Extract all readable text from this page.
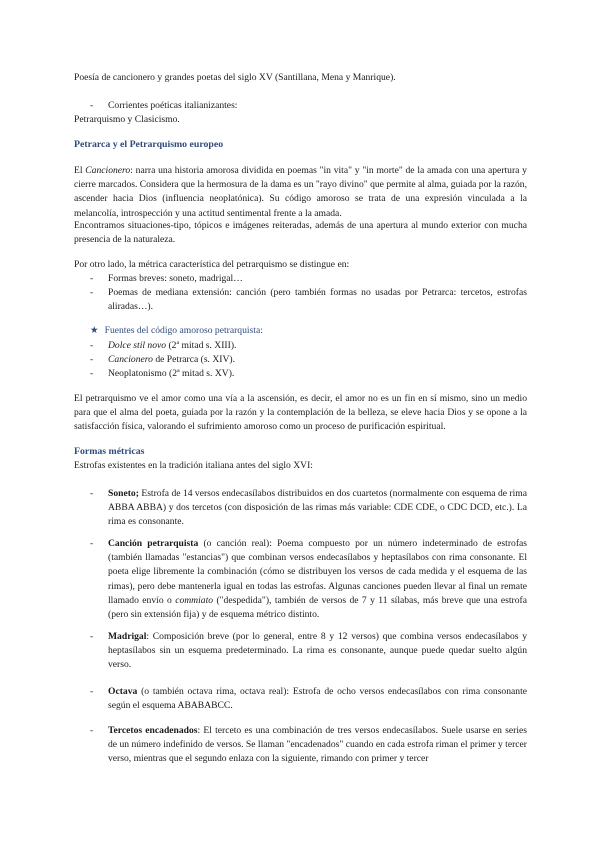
Poesía de cancionero y grandes poetas del siglo XV (Santillana, Mena y Manrique).

- Corrientes poéticas italianizantes:

Petrarquismo y Clasicismo.

Petrarca y el Petrarquismo europeo

El Cancionero: narra una historia amorosa dividida en poemas "in vita" y "in morte" de la amada con una apertura y cierre marcados. Considera que la hermosura de la dama es un "rayo divino" que permite al alma, guiada por la razón, ascender hacia Dios (influencia neoplatónica). Su código amoroso se trata de una expresión vinculada a la melancolía, introspección y una actitud sentimental frente a la amada.

Encontramos situaciones-tipo, tópicos e imágenes reiteradas, además de una apertura al mundo exterior con mucha presencia de la naturaleza.

Por otro lado, la métrica característica del petrarquismo se distingue en:

- Formas breves: soneto, madrigal…

- Poemas de mediana extensión: canción (pero también formas no usadas por Petrarca: tercetos, estrofas aliradas…).

★ Fuentes del código amoroso petrarquista:

- Dolce stil novo (2ª mitad s. XIII).

- Cancionero de Petrarca (s. XIV).

- Neoplatonismo (2ª mitad s. XV).

El petrarquismo ve el amor como una vía a la ascensión, es decir, el amor no es un fin en sí mismo, sino un medio para que el alma del poeta, guiada por la razón y la contemplación de la belleza, se eleve hacia Dios y se opone a la satisfacción física, valorando el sufrimiento amoroso como un proceso de purificación espiritual.

Formas métricas

Estrofas existentes en la tradición italiana antes del siglo XVI:

- Soneto; Estrofa de 14 versos endecasílabos distribuidos en dos cuartetos (normalmente con esquema de rima ABBA ABBA) y dos tercetos (con disposición de las rimas más variable: CDE CDE, o CDC DCD, etc.). La rima es consonante.

- Canción petrarquista (o canción real): Poema compuesto por un número indeterminado de estrofas (también llamadas "estancias") que combinan versos endecasílabos y heptasílabos con rima consonante. El poeta elige libremente la combinación (cómo se distribuyen los versos de cada medida y el esquema de las rimas), pero debe mantenerla igual en todas las estrofas. Algunas canciones pueden llevar al final un remate llamado envío o commiato ("despedida"), también de versos de 7 y 11 sílabas, más breve que una estrofa (pero sin extensión fija) y de esquema métrico distinto.

- Madrigal: Composición breve (por lo general, entre 8 y 12 versos) que combina versos endecasílabos y heptasílabos sin un esquema predeterminado. La rima es consonante, aunque puede quedar suelto algún verso.

- Octava (o también octava rima, octava real): Estrofa de ocho versos endecasílabos con rima consonante según el esquema ABABABCC.

- Tercetos encadenados: El terceto es una combinación de tres versos endecasílabos. Suele usarse en series de un número indefinido de versos. Se llaman "encadenados" cuando en cada estrofa riman el primer y tercer verso, mientras que el segundo enlaza con la siguiente, rimando con primer y tercer
